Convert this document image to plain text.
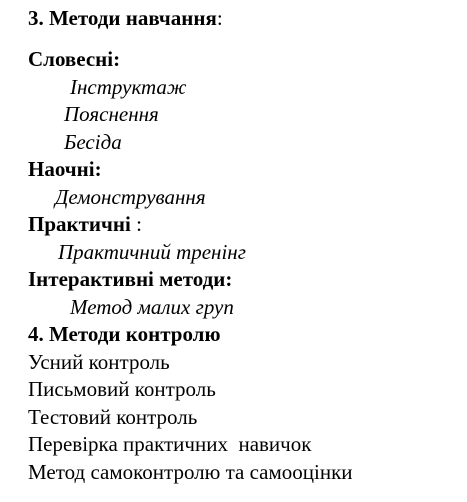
3. Методи навчання:
Словесні:
Інструктаж
Пояснення
Бесіда
Наочні:
Демонстрування
Практичні :
Практичний тренінг
Інтерактивні методи:
Метод малих груп
4. Методи контролю
Усний контроль
Письмовий контроль
Тестовий контроль
Перевірка практичних  навичок
Метод самоконтролю та самооцінки
